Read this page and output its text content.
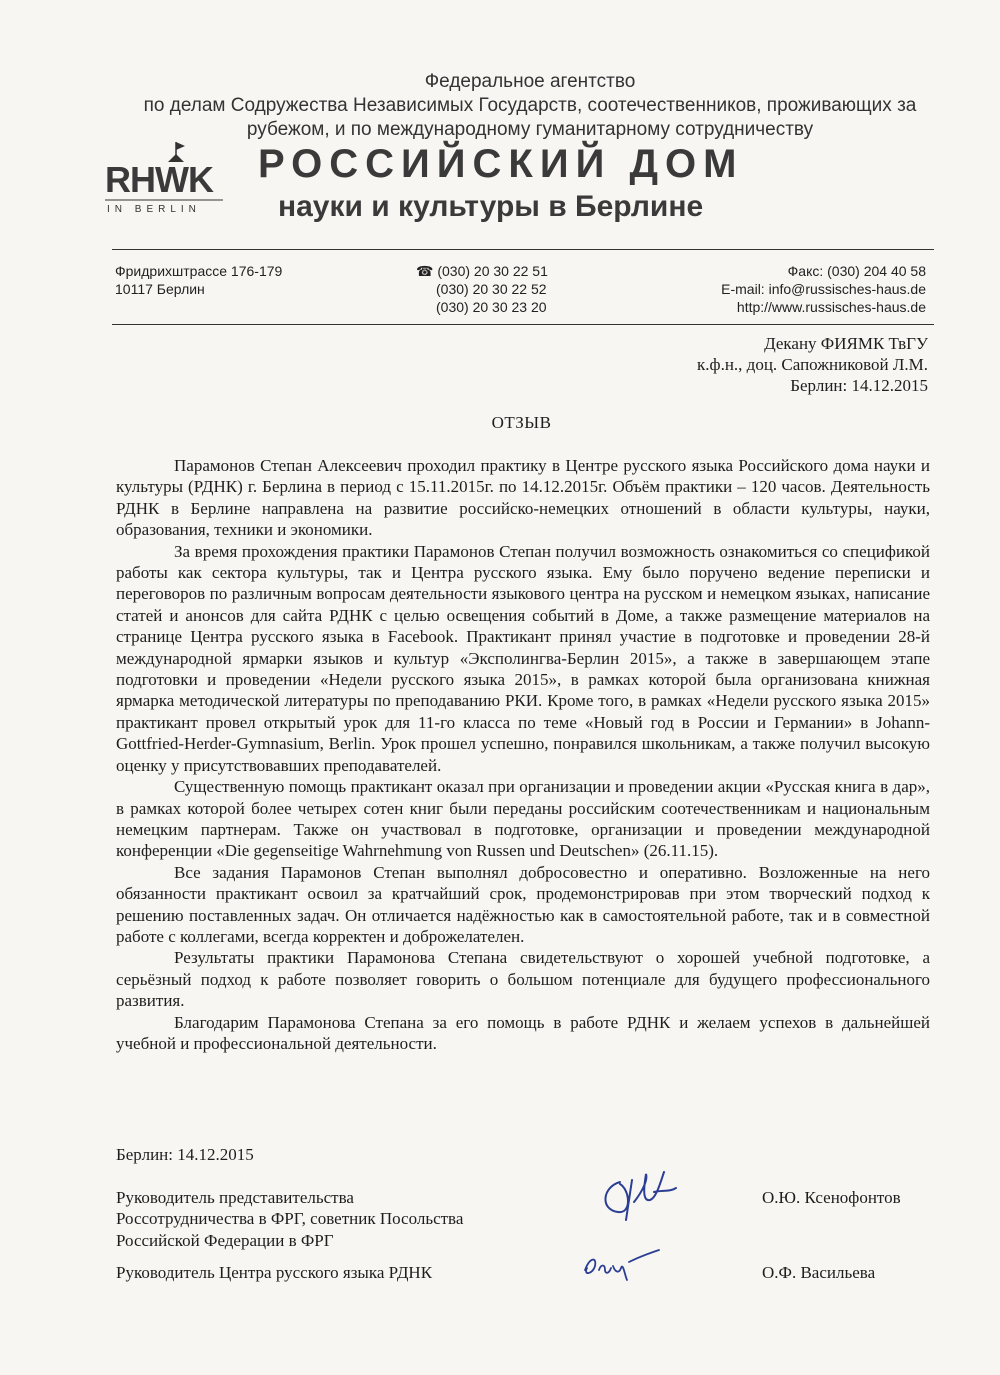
Федеральное агентство
по делам Содружества Независимых Государств, соотечественников, проживающих за
рубежом, и по международному гуманитарному сотрудничеству
RHWK
IN BERLIN
РОССИЙСКИЙ ДОМ
науки и культуры в Берлине
Фридрихштрассе 176-179
10117 Берлин
☎ (030) 20 30 22 51
(030) 20 30 22 52
(030) 20 30 23 20
Факс: (030) 204 40 58
E-mail: info@russisches-haus.de
http://www.russisches-haus.de
Декану ФИЯМК ТвГУ
к.ф.н., доц. Сапожниковой Л.М.
Берлин: 14.12.2015
ОТЗЫВ

Парамонов Степан Алексеевич проходил практику в Центре русского языка Российского дома науки и культуры (РДНК) г. Берлина в период с 15.11.2015г. по 14.12.2015г. Объём практики – 120 часов. Деятельность РДНК в Берлине направлена на развитие российско-немецких отношений в области культуры, науки, образования, техники и экономики.

За время прохождения практики Парамонов Степан получил возможность ознакомиться со спецификой работы как сектора культуры, так и Центра русского языка. Ему было поручено ведение переписки и переговоров по различным вопросам деятельности языкового центра на русском и немецком языках, написание статей и анонсов для сайта РДНК с целью освещения событий в Доме, а также размещение материалов на странице Центра русского языка в Facebook. Практикант принял участие в подготовке и проведении 28-й международной ярмарки языков и культур «Эксполингва-Берлин 2015», а также в завершающем этапе подготовки и проведении «Недели русского языка 2015», в рамках которой была организована книжная ярмарка методической литературы по преподаванию РКИ. Кроме того, в рамках «Недели русского языка 2015» практикант провел открытый урок для 11-го класса по теме «Новый год в России и Германии» в Johann-Gottfried-Herder-Gymnasium, Berlin. Урок прошел успешно, понравился школьникам, а также получил высокую оценку у присутствовавших преподавателей.

Существенную помощь практикант оказал при организации и проведении акции «Русская книга в дар», в рамках которой более четырех сотен книг были переданы российским соотечественникам и национальным немецким партнерам. Также он участвовал в подготовке, организации и проведении международной конференции «Die gegenseitige Wahrnehmung von Russen und Deutschen» (26.11.15).

Все задания Парамонов Степан выполнял добросовестно и оперативно. Возложенные на него обязанности практикант освоил за кратчайший срок, продемонстрировав при этом творческий подход к решению поставленных задач. Он отличается надёжностью как в самостоятельной работе, так и в совместной работе с коллегами, всегда корректен и доброжелателен.

Результаты практики Парамонова Степана свидетельствуют о хорошей учебной подготовке, а серьёзный подход к работе позволяет говорить о большом потенциале для будущего профессионального развития.

Благодарим Парамонова Степана за его помощь в работе РДНК и желаем успехов в дальнейшей учебной и профессиональной деятельности.

Берлин: 14.12.2015
Руководитель представительства
Россотрудничества в ФРГ, советник Посольства
Российской Федерации в ФРГ
О.Ю. Ксенофонтов
Руководитель Центра русского языка РДНК	О.Ф. Васильева
